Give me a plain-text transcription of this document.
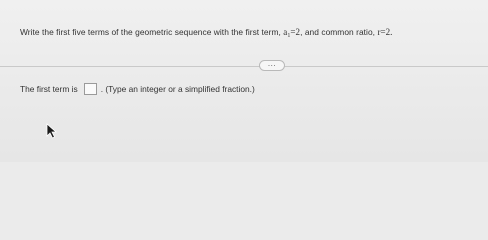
Write the first five terms of the geometric sequence with the first term, $a_1=2$, and common ratio, r=2.
...
The first term is	. (Type an integer or a simplified fraction.)
